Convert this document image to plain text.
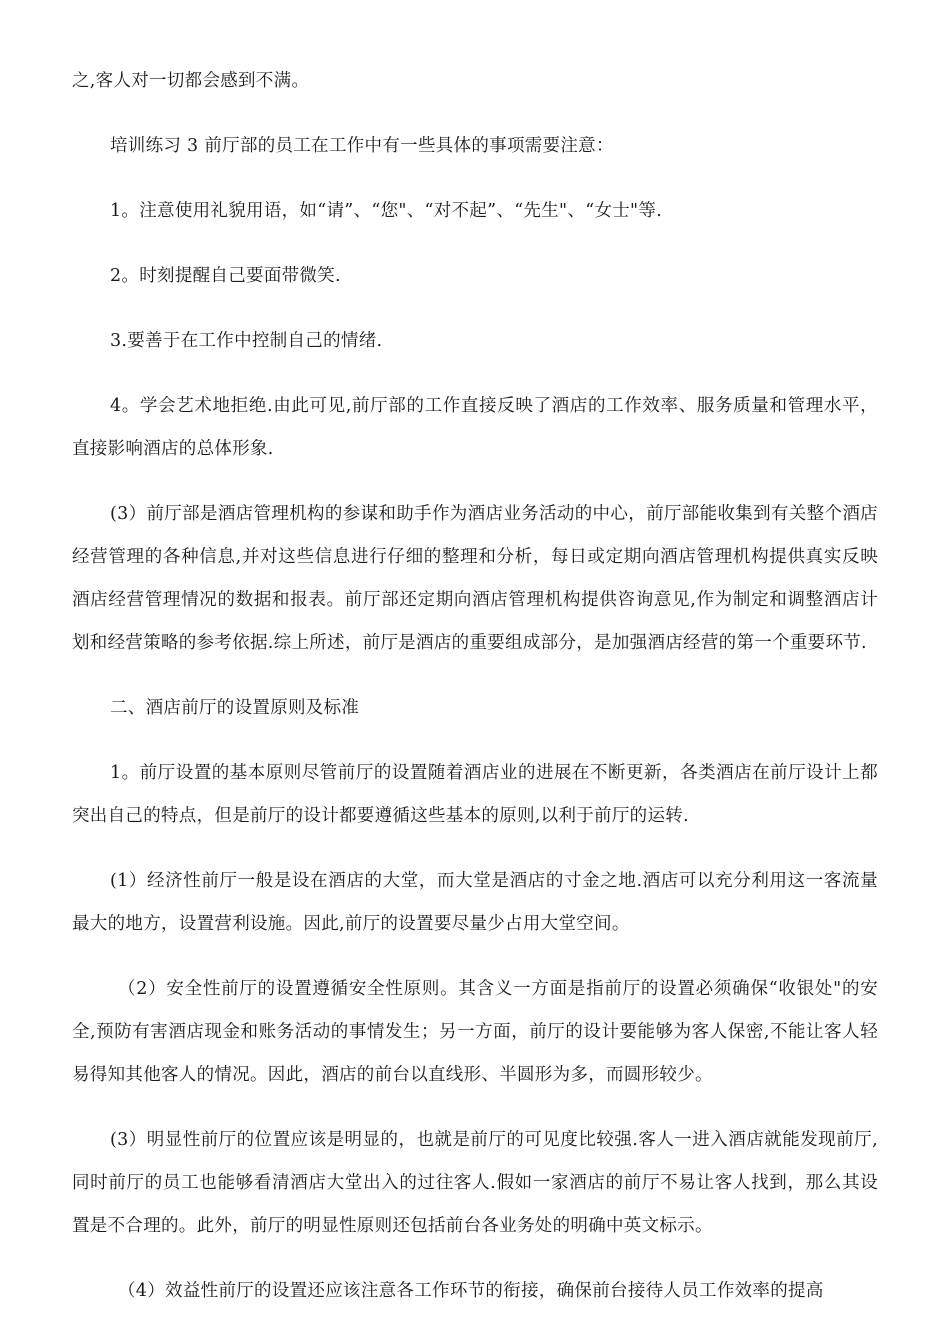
之,客人对一切都会感到不满。

培训练习 3 前厅部的员工在工作中有一些具体的事项需要注意：

1。注意使用礼貌用语，如“请”、“您"、“对不起”、“先生"、“女士"等.

2。时刻提醒自己要面带微笑.

3.要善于在工作中控制自己的情绪.

4。学会艺术地拒绝.由此可见,前厅部的工作直接反映了酒店的工作效率、服务质量和管理水平，直接影响酒店的总体形象.

(3）前厅部是酒店管理机构的参谋和助手作为酒店业务活动的中心，前厅部能收集到有关整个酒店经营管理的各种信息,并对这些信息进行仔细的整理和分析，每日或定期向酒店管理机构提供真实反映酒店经营管理情况的数据和报表。前厅部还定期向酒店管理机构提供咨询意见,作为制定和调整酒店计划和经营策略的参考依据.综上所述，前厅是酒店的重要组成部分，是加强酒店经营的第一个重要环节.

二、酒店前厅的设置原则及标准

1。前厅设置的基本原则尽管前厅的设置随着酒店业的进展在不断更新，各类酒店在前厅设计上都突出自己的特点，但是前厅的设计都要遵循这些基本的原则,以利于前厅的运转.

(1）经济性前厅一般是设在酒店的大堂，而大堂是酒店的寸金之地.酒店可以充分利用这一客流量最大的地方，设置营利设施。因此,前厅的设置要尽量少占用大堂空间。

（2）安全性前厅的设置遵循安全性原则。其含义一方面是指前厅的设置必须确保“收银处"的安全,预防有害酒店现金和账务活动的事情发生；另一方面，前厅的设计要能够为客人保密,不能让客人轻易得知其他客人的情况。因此，酒店的前台以直线形、半圆形为多，而圆形较少。

(3）明显性前厅的位置应该是明显的，也就是前厅的可见度比较强.客人一进入酒店就能发现前厅,同时前厅的员工也能够看清酒店大堂出入的过往客人.假如一家酒店的前厅不易让客人找到，那么其设置是不合理的。此外，前厅的明显性原则还包括前台各业务处的明确中英文标示。

（4）效益性前厅的设置还应该注意各工作环节的衔接，确保前台接待人员工作效率的提高
